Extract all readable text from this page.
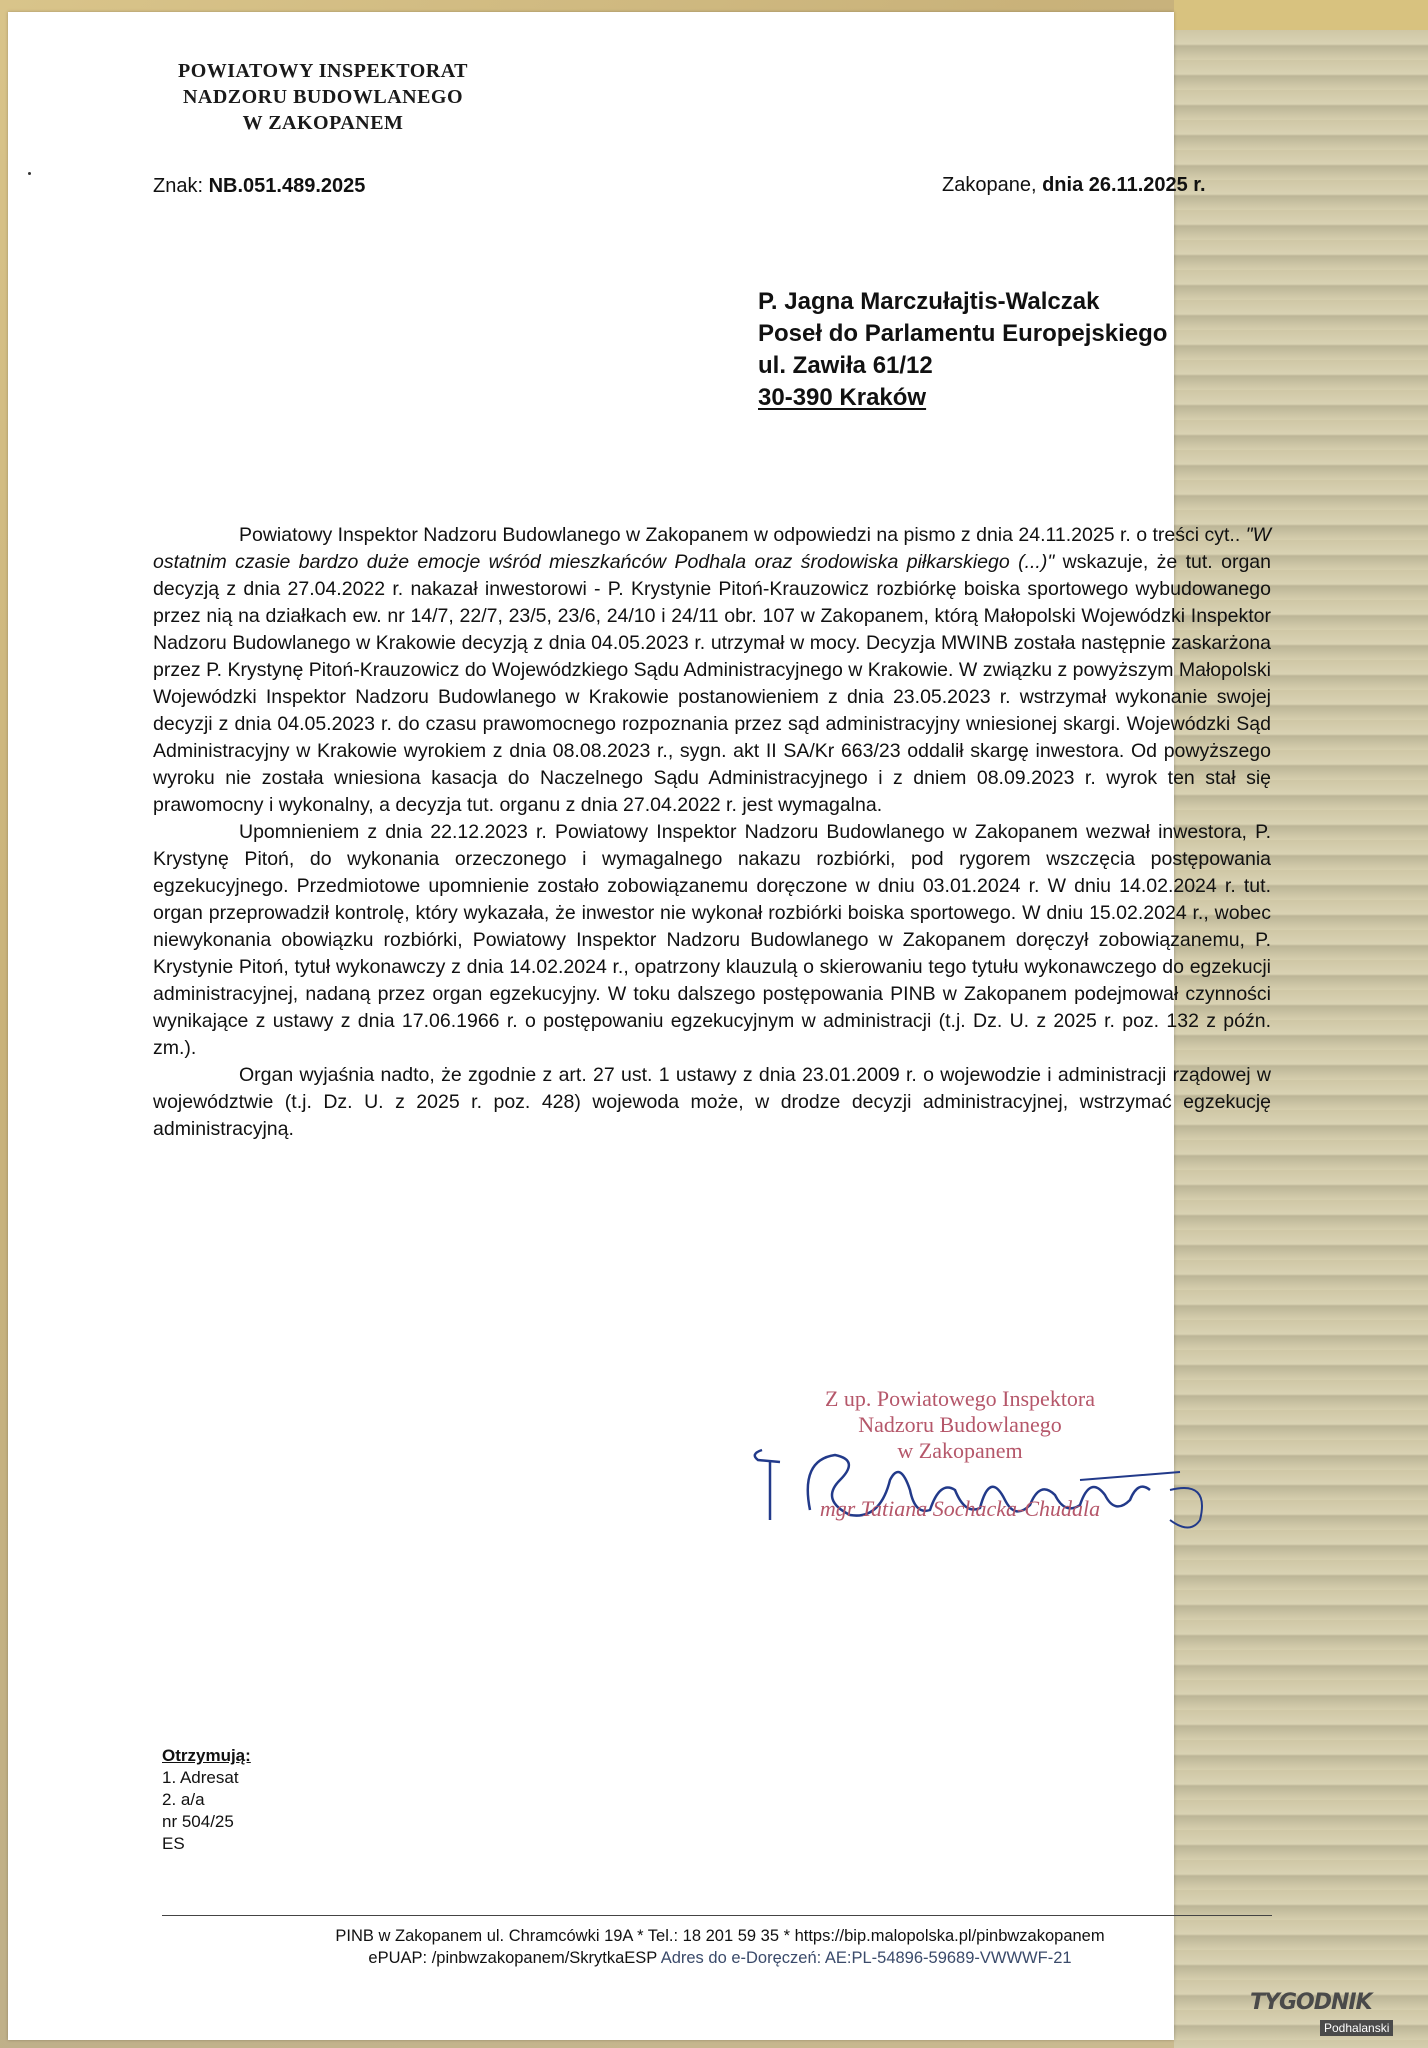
POWIATOWY INSPEKTORAT
NADZORU BUDOWLANEGO
W ZAKOPANEM
Znak: NB.051.489.2025	Zakopane, dnia 26.11.2025 r.
P. Jagna Marczułajtis-Walczak
Poseł do Parlamentu Europejskiego
ul. Zawiła 61/12
30-390 Kraków

Powiatowy Inspektor Nadzoru Budowlanego w Zakopanem w odpowiedzi na pismo z dnia 24.11.2025 r. o treści cyt.. "W ostatnim czasie bardzo duże emocje wśród mieszkańców Podhala oraz środowiska piłkarskiego (...)" wskazuje, że tut. organ decyzją z dnia 27.04.2022 r. nakazał inwestorowi - P. Krystynie Pitoń-Krauzowicz rozbiórkę boiska sportowego wybudowanego przez nią na działkach ew. nr 14/7, 22/7, 23/5, 23/6, 24/10 i 24/11 obr. 107 w Zakopanem, którą Małopolski Wojewódzki Inspektor Nadzoru Budowlanego w Krakowie decyzją z dnia 04.05.2023 r. utrzymał w mocy. Decyzja MWINB została następnie zaskarżona przez P. Krystynę Pitoń-Krauzowicz do Wojewódzkiego Sądu Administracyjnego w Krakowie. W związku z powyższym Małopolski Wojewódzki Inspektor Nadzoru Budowlanego w Krakowie postanowieniem z dnia 23.05.2023 r. wstrzymał wykonanie swojej decyzji z dnia 04.05.2023 r. do czasu prawomocnego rozpoznania przez sąd administracyjny wniesionej skargi. Wojewódzki Sąd Administracyjny w Krakowie wyrokiem z dnia 08.08.2023 r., sygn. akt II SA/Kr 663/23 oddalił skargę inwestora. Od powyższego wyroku nie została wniesiona kasacja do Naczelnego Sądu Administracyjnego i z dniem 08.09.2023 r. wyrok ten stał się prawomocny i wykonalny, a decyzja tut. organu z dnia 27.04.2022 r. jest wymagalna.

Upomnieniem z dnia 22.12.2023 r. Powiatowy Inspektor Nadzoru Budowlanego w Zakopanem wezwał inwestora, P. Krystynę Pitoń, do wykonania orzeczonego i wymagalnego nakazu rozbiórki, pod rygorem wszczęcia postępowania egzekucyjnego. Przedmiotowe upomnienie zostało zobowiązanemu doręczone w dniu 03.01.2024 r. W dniu 14.02.2024 r. tut. organ przeprowadził kontrolę, który wykazała, że inwestor nie wykonał rozbiórki boiska sportowego. W dniu 15.02.2024 r., wobec niewykonania obowiązku rozbiórki, Powiatowy Inspektor Nadzoru Budowlanego w Zakopanem doręczył zobowiązanemu, P. Krystynie Pitoń, tytuł wykonawczy z dnia 14.02.2024 r., opatrzony klauzulą o skierowaniu tego tytułu wykonawczego do egzekucji administracyjnej, nadaną przez organ egzekucyjny. W toku dalszego postępowania PINB w Zakopanem podejmował czynności wynikające z ustawy z dnia 17.06.1966 r. o postępowaniu egzekucyjnym w administracji (t.j. Dz. U. z 2025 r. poz. 132 z późn. zm.).

Organ wyjaśnia nadto, że zgodnie z art. 27 ust. 1 ustawy z dnia 23.01.2009 r. o wojewodzie i administracji rządowej w województwie (t.j. Dz. U. z 2025 r. poz. 428) wojewoda może, w drodze decyzji administracyjnej, wstrzymać egzekucję administracyjną.

Z up. Powiatowego Inspektora
Nadzoru Budowlanego
w Zakopanem
mgr Tatiana Sochacka-Chudala
Otrzymują:
1. Adresat
2. a/a
nr 504/25
ES
PINB w Zakopanem ul. Chramcówki 19A * Tel.: 18 201 59 35 * https://bip.malopolska.pl/pinbwzakopanem
ePUAP: /pinbwzakopanem/SkrytkaESP Adres do e-Doręczeń: AE:PL-54896-59689-VWWWF-21
TYGODNIK
Podhalanski
